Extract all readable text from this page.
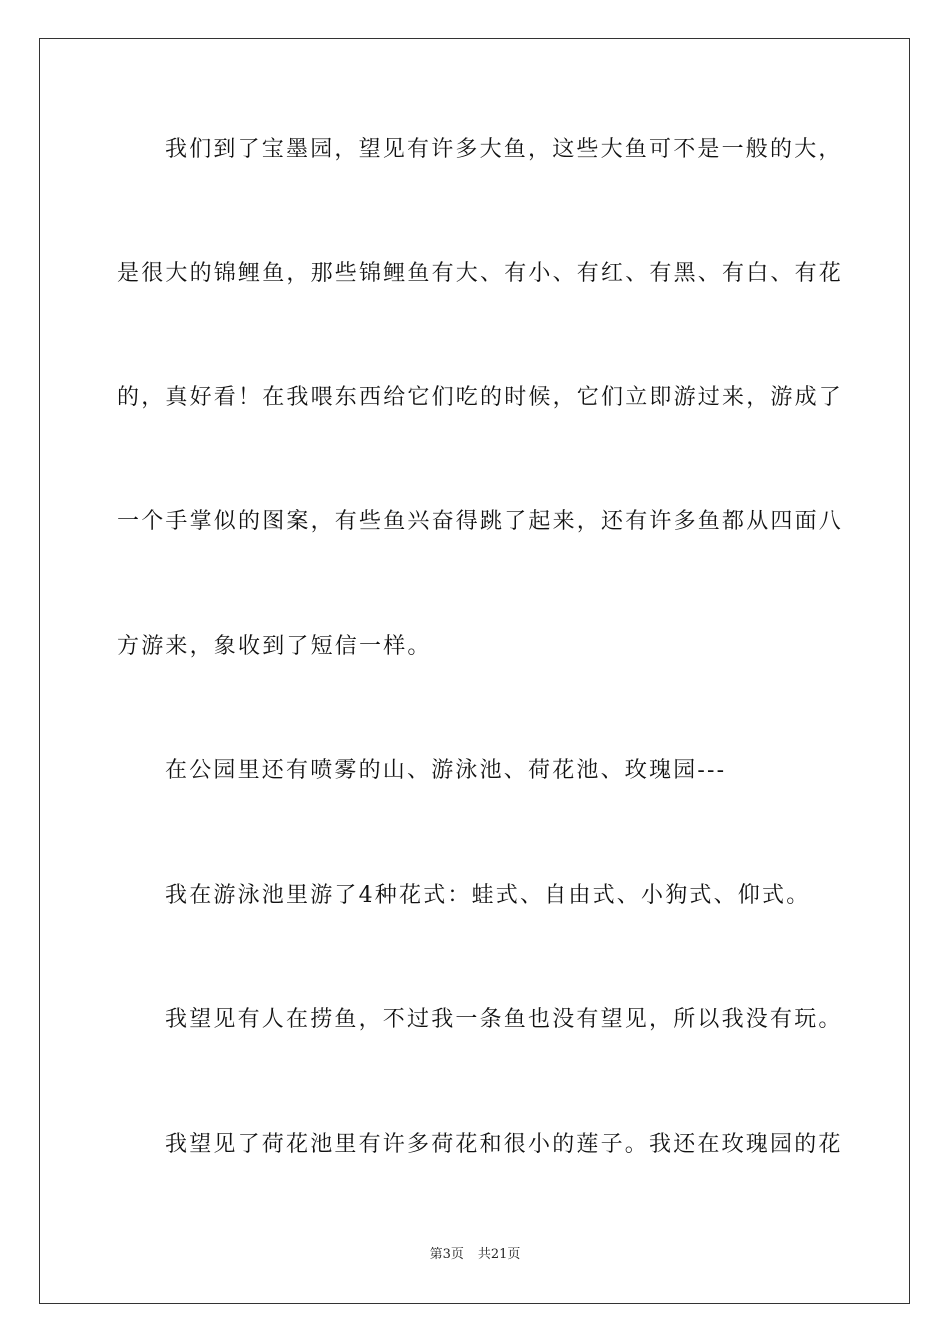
我们到了宝墨园，望见有许多大鱼，这些大鱼可不是一般的大，
是很大的锦鲤鱼，那些锦鲤鱼有大、有小、有红、有黑、有白、有花
的，真好看！在我喂东西给它们吃的时候，它们立即游过来，游成了
一个手掌似的图案，有些鱼兴奋得跳了起来，还有许多鱼都从四面八
方游来，象收到了短信一样。
在公园里还有喷雾的山、游泳池、荷花池、玫瑰园---
我在游泳池里游了4种花式：蛙式、自由式、小狗式、仰式。
我望见有人在捞鱼，不过我一条鱼也没有望见，所以我没有玩。
我望见了荷花池里有许多荷花和很小的莲子。我还在玫瑰园的花
第3页 共21页
